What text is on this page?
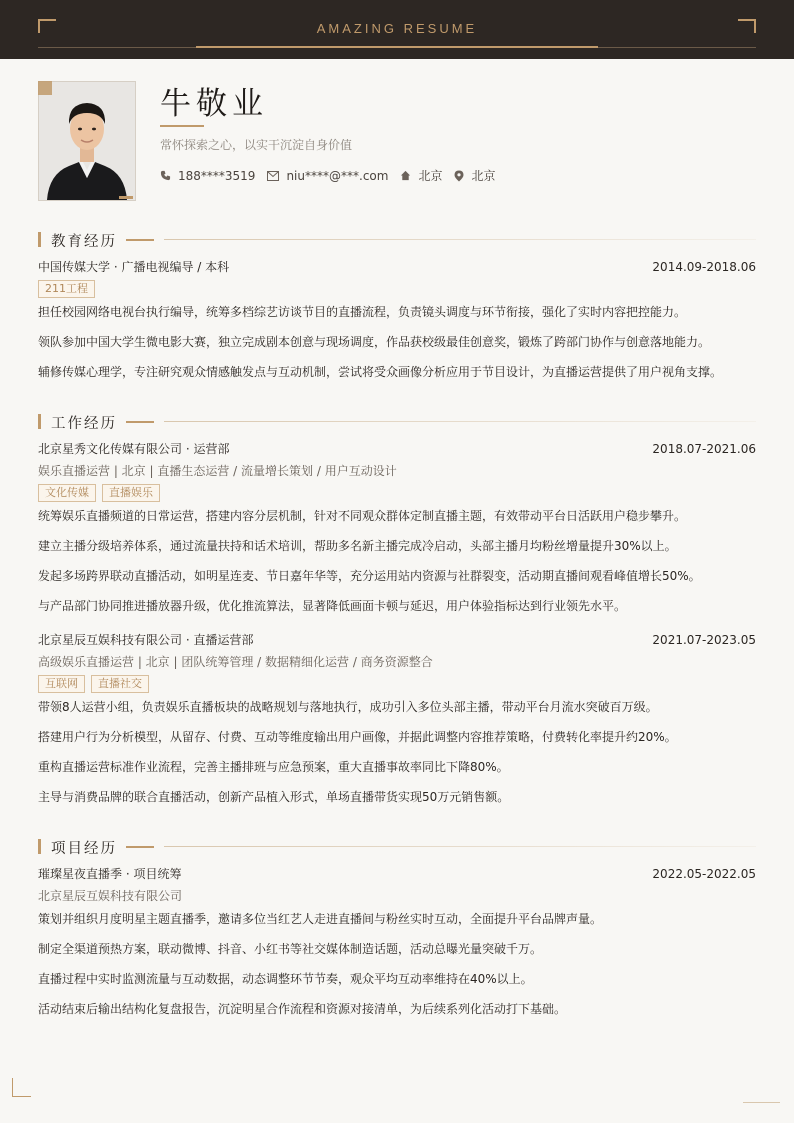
AMAZING RESUME
牛敬业
常怀探索之心，以实干沉淀自身价值
188****3519	niu****@***.com	北京 北京
教育经历
中国传媒大学 · 广播电视编导 / 本科	2014.09-2018.06
211工程
担任校园网络电视台执行编导，统筹多档综艺访谈节目的直播流程，负责镜头调度与环节衔接，强化了实时内容把控能力。
领队参加中国大学生微电影大赛，独立完成剧本创意与现场调度，作品获校级最佳创意奖，锻炼了跨部门协作与创意落地能力。
辅修传媒心理学，专注研究观众情感触发点与互动机制，尝试将受众画像分析应用于节目设计，为直播运营提供了用户视角支撑。
工作经历
北京星秀文化传媒有限公司 · 运营部	2018.07-2021.06
娱乐直播运营 | 北京 | 直播生态运营 / 流量增长策划 / 用户互动设计
文化传媒	直播娱乐
统筹娱乐直播频道的日常运营，搭建内容分层机制，针对不同观众群体定制直播主题，有效带动平台日活跃用户稳步攀升。
建立主播分级培养体系，通过流量扶持和话术培训，帮助多名新主播完成冷启动，头部主播月均粉丝增量提升30%以上。
发起多场跨界联动直播活动，如明星连麦、节日嘉年华等，充分运用站内资源与社群裂变，活动期直播间观看峰值增长50%。
与产品部门协同推进播放器升级，优化推流算法，显著降低画面卡顿与延迟，用户体验指标达到行业领先水平。
北京星辰互娱科技有限公司 · 直播运营部	2021.07-2023.05
高级娱乐直播运营 | 北京 | 团队统筹管理 / 数据精细化运营 / 商务资源整合
互联网	直播社交
带领8人运营小组，负责娱乐直播板块的战略规划与落地执行，成功引入多位头部主播，带动平台月流水突破百万级。
搭建用户行为分析模型，从留存、付费、互动等维度输出用户画像，并据此调整内容推荐策略，付费转化率提升约20%。
重构直播运营标准作业流程，完善主播排班与应急预案，重大直播事故率同比下降80%。
主导与消费品牌的联合直播活动，创新产品植入形式，单场直播带货实现50万元销售额。
项目经历
璀璨星夜直播季 · 项目统筹	2022.05-2022.05
北京星辰互娱科技有限公司
策划并组织月度明星主题直播季，邀请多位当红艺人走进直播间与粉丝实时互动，全面提升平台品牌声量。
制定全渠道预热方案，联动微博、抖音、小红书等社交媒体制造话题，活动总曝光量突破千万。
直播过程中实时监测流量与互动数据，动态调整环节节奏，观众平均互动率维持在40%以上。
活动结束后输出结构化复盘报告，沉淀明星合作流程和资源对接清单，为后续系列化活动打下基础。
